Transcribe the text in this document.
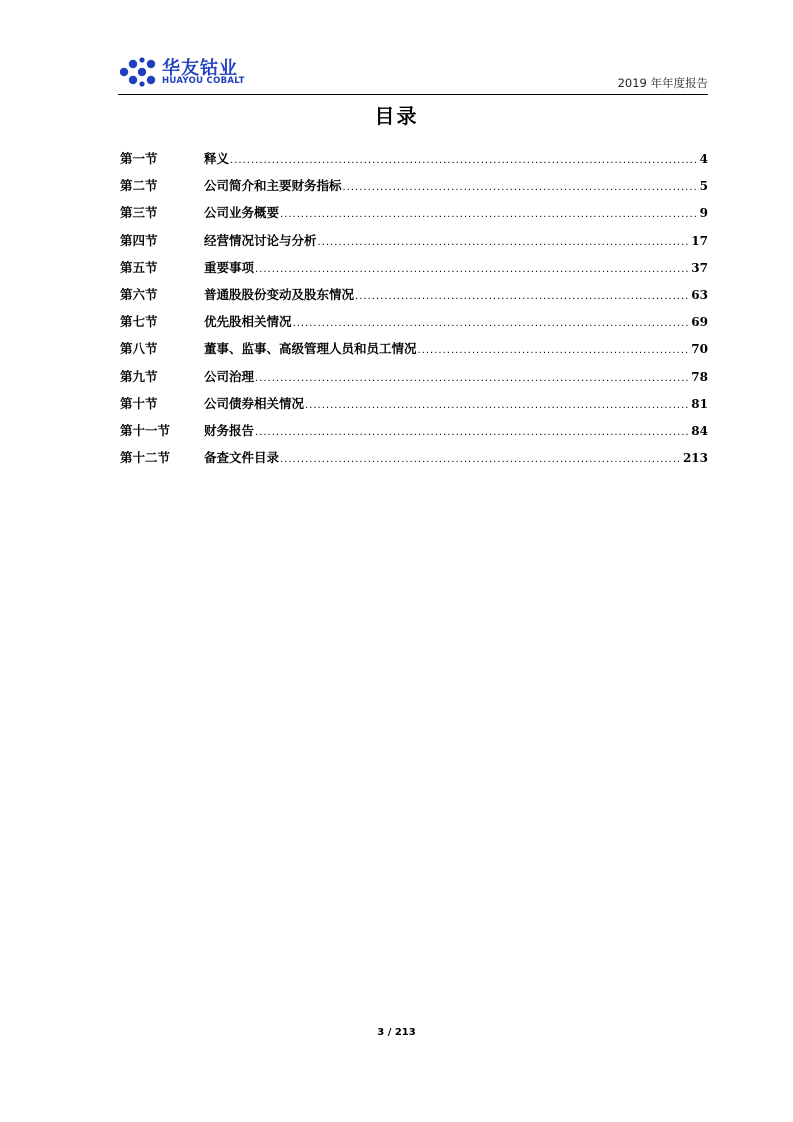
华友钴业
HUAYOU COBALT	2019 年年度报告
目录
第一节	释义 .....	4
第二节	公司简介和主要财务指标 .....	5
第三节	公司业务概要 .....	9
第四节	经营情况讨论与分析 .....	17
第五节	重要事项 .....	37
第六节	普通股股份变动及股东情况 .....	63
第七节	优先股相关情况 .....	69
第八节	董事、监事、高级管理人员和员工情况 .....	70
第九节	公司治理 .....	78
第十节	公司债券相关情况 .....	81
第十一节	财务报告 .....	84
第十二节	备查文件目录 .....	213
3 / 213
